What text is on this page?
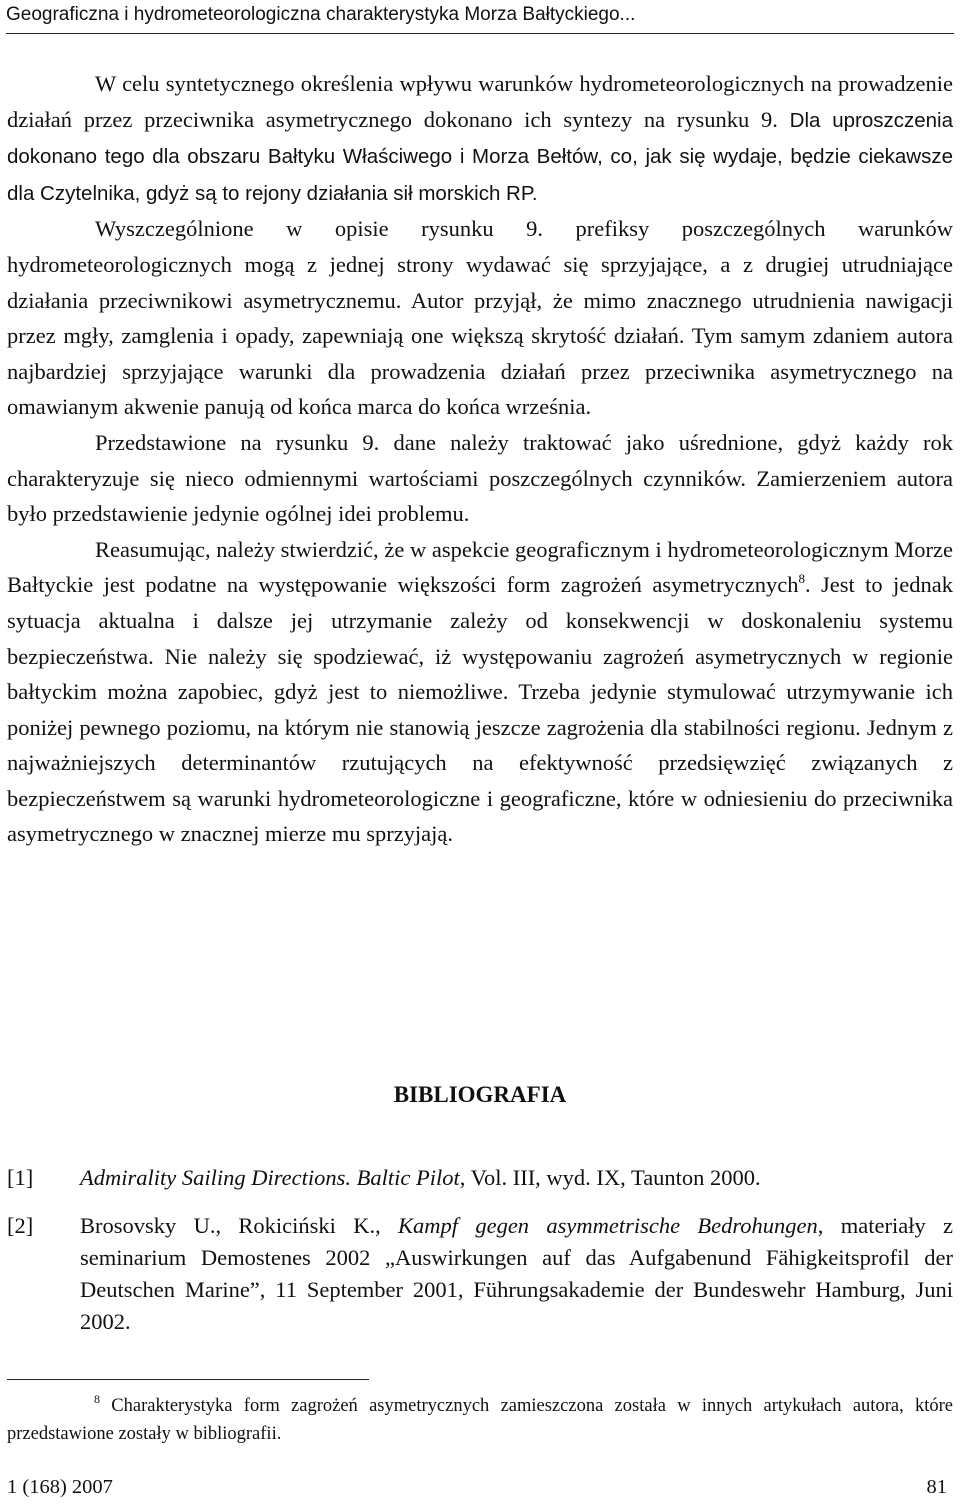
Geograficzna i hydrometeorologiczna charakterystyka Morza Bałtyckiego...

W celu syntetycznego określenia wpływu warunków hydrometeorologicznych na prowadzenie działań przez przeciwnika asymetrycznego dokonano ich syntezy na rysunku 9. Dla uproszczenia dokonano tego dla obszaru Bałtyku Właściwego i Morza Bełtów, co, jak się wydaje, będzie ciekawsze dla Czytelnika, gdyż są to rejony działania sił morskich RP.

Wyszczególnione w opisie rysunku 9. prefiksy poszczególnych warunków hydrometeorologicznych mogą z jednej strony wydawać się sprzyjające, a z drugiej utrudniające działania przeciwnikowi asymetrycznemu. Autor przyjął, że mimo znacznego utrudnienia nawigacji przez mgły, zamglenia i opady, zapewniają one większą skrytość działań. Tym samym zdaniem autora najbardziej sprzyjające warunki dla prowadzenia działań przez przeciwnika asymetrycznego na omawianym akwenie panują od końca marca do końca września.

Przedstawione na rysunku 9. dane należy traktować jako uśrednione, gdyż każdy rok charakteryzuje się nieco odmiennymi wartościami poszczególnych czynników. Zamierzeniem autora było przedstawienie jedynie ogólnej idei problemu.

Reasumując, należy stwierdzić, że w aspekcie geograficznym i hydrometeorologicznym Morze Bałtyckie jest podatne na występowanie większości form zagrożeń asymetrycznych$^8$. Jest to jednak sytuacja aktualna i dalsze jej utrzymanie zależy od konsekwencji w doskonaleniu systemu bezpieczeństwa. Nie należy się spodziewać, iż występowaniu zagrożeń asymetrycznych w regionie bałtyckim można zapobiec, gdyż jest to niemożliwe. Trzeba jedynie stymulować utrzymywanie ich poniżej pewnego poziomu, na którym nie stanowią jeszcze zagrożenia dla stabilności regionu. Jednym z najważniejszych determinantów rzutujących na efektywność przedsięwzięć związanych z bezpieczeństwem są warunki hydrometeorologiczne i geograficzne, które w odniesieniu do przeciwnika asymetrycznego w znacznej mierze mu sprzyjają.

BIBLIOGRAFIA
[1] Admirality Sailing Directions. Baltic Pilot, Vol. III, wyd. IX, Taunton 2000.
[2] Brosovsky U., Rokiciński K., Kampf gegen asymmetrische Bedrohungen, materiały z seminarium Demostenes 2002 „Auswirkungen auf das Aufgabenund Fähigkeitsprofil der Deutschen Marine”, 11 September 2001, Führungsakademie der Bundeswehr Hamburg, Juni 2002.
$^8$ Charakterystyka form zagrożeń asymetrycznych zamieszczona została w innych artykułach autora, które przedstawione zostały w bibliografii.
1 (168) 2007	81
